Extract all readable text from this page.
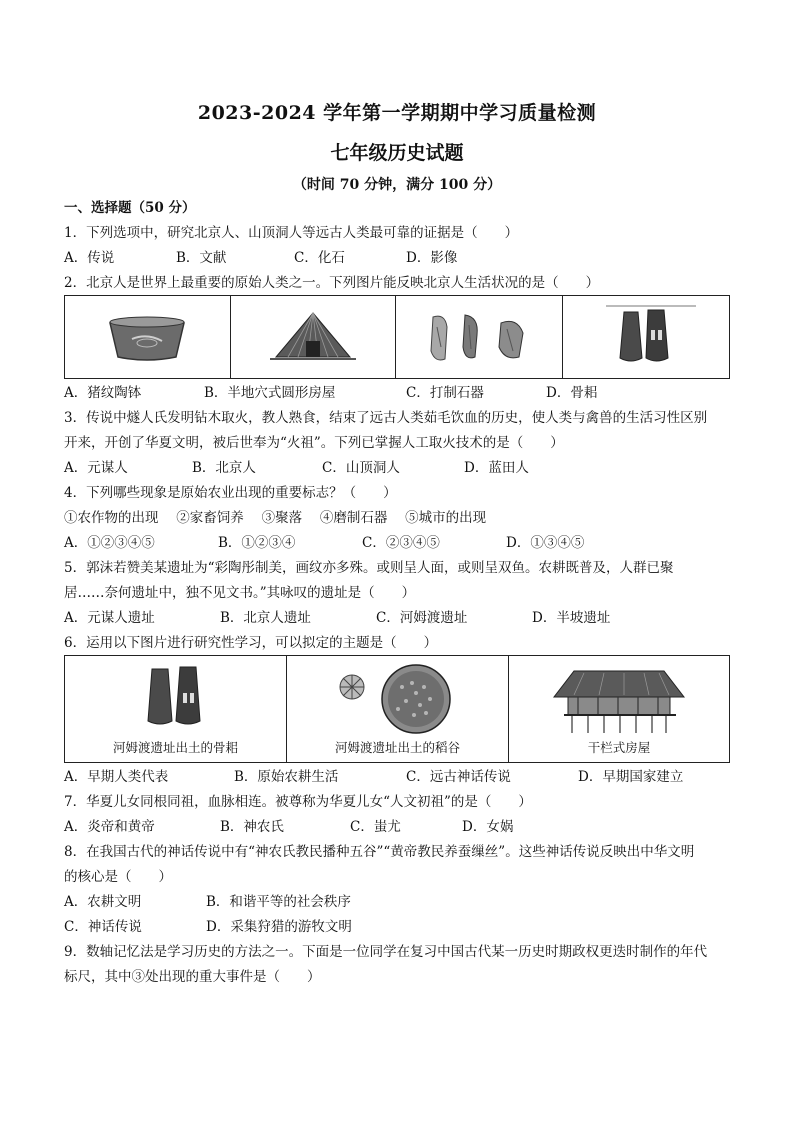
2023-2024 学年第一学期期中学习质量检测
七年级历史试题
（时间 70 分钟，满分 100 分）
一、选择题（50 分）
1．下列选项中，研究北京人、山顶洞人等远古人类最可靠的证据是（　　）
A．传说	B．文献	C．化石	D．影像
2．北京人是世界上最重要的原始人类之一。下列图片能反映北京人生活状况的是（　　）
A．猪纹陶钵	B．半地穴式圆形房屋	C．打制石器	D．骨耜
3．传说中燧人氏发明钻木取火，教人熟食，结束了远古人类茹毛饮血的历史，使人类与禽兽的生活习性区别
开来，开创了华夏文明，被后世奉为“火祖”。下列已掌握人工取火技术的是（　　）
A．元谋人	B．北京人	C．山顶洞人	D．蓝田人
4．下列哪些现象是原始农业出现的重要标志？（　　）
①农作物的出现　 ②家畜饲养　 ③聚落　 ④磨制石器　 ⑤城市的出现
A．①②③④⑤	B．①②③④	C．②③④⑤	D．①③④⑤
5．郭沫若赞美某遗址为“彩陶彤制美，画纹亦多殊。或则呈人面，或则呈双鱼。农耕既普及，人群已聚
居……奈何遗址中，独不见文书。”其咏叹的遗址是（　　）
A．元谋人遗址	B．北京人遗址	C．河姆渡遗址	D．半坡遗址
6．运用以下图片进行研究性学习，可以拟定的主题是（　　）
河姆渡遗址出土的骨耜	河姆渡遗址出土的稻谷	干栏式房屋
A．早期人类代表	B．原始农耕生活	C．远古神话传说	D．早期国家建立
7．华夏儿女同根同祖，血脉相连。被尊称为华夏儿女“人文初祖”的是（　　）
A．炎帝和黄帝	B．神农氏	C．蚩尤	D．女娲
8．在我国古代的神话传说中有“神农氏教民播种五谷”“黄帝教民养蚕缫丝”。这些神话传说反映出中华文明
的核心是（　　）
A．农耕文明	B．和谐平等的社会秩序
C．神话传说	D．采集狩猎的游牧文明
9．数轴记忆法是学习历史的方法之一。下面是一位同学在复习中国古代某一历史时期政权更迭时制作的年代
标尺，其中③处出现的重大事件是（　　）
